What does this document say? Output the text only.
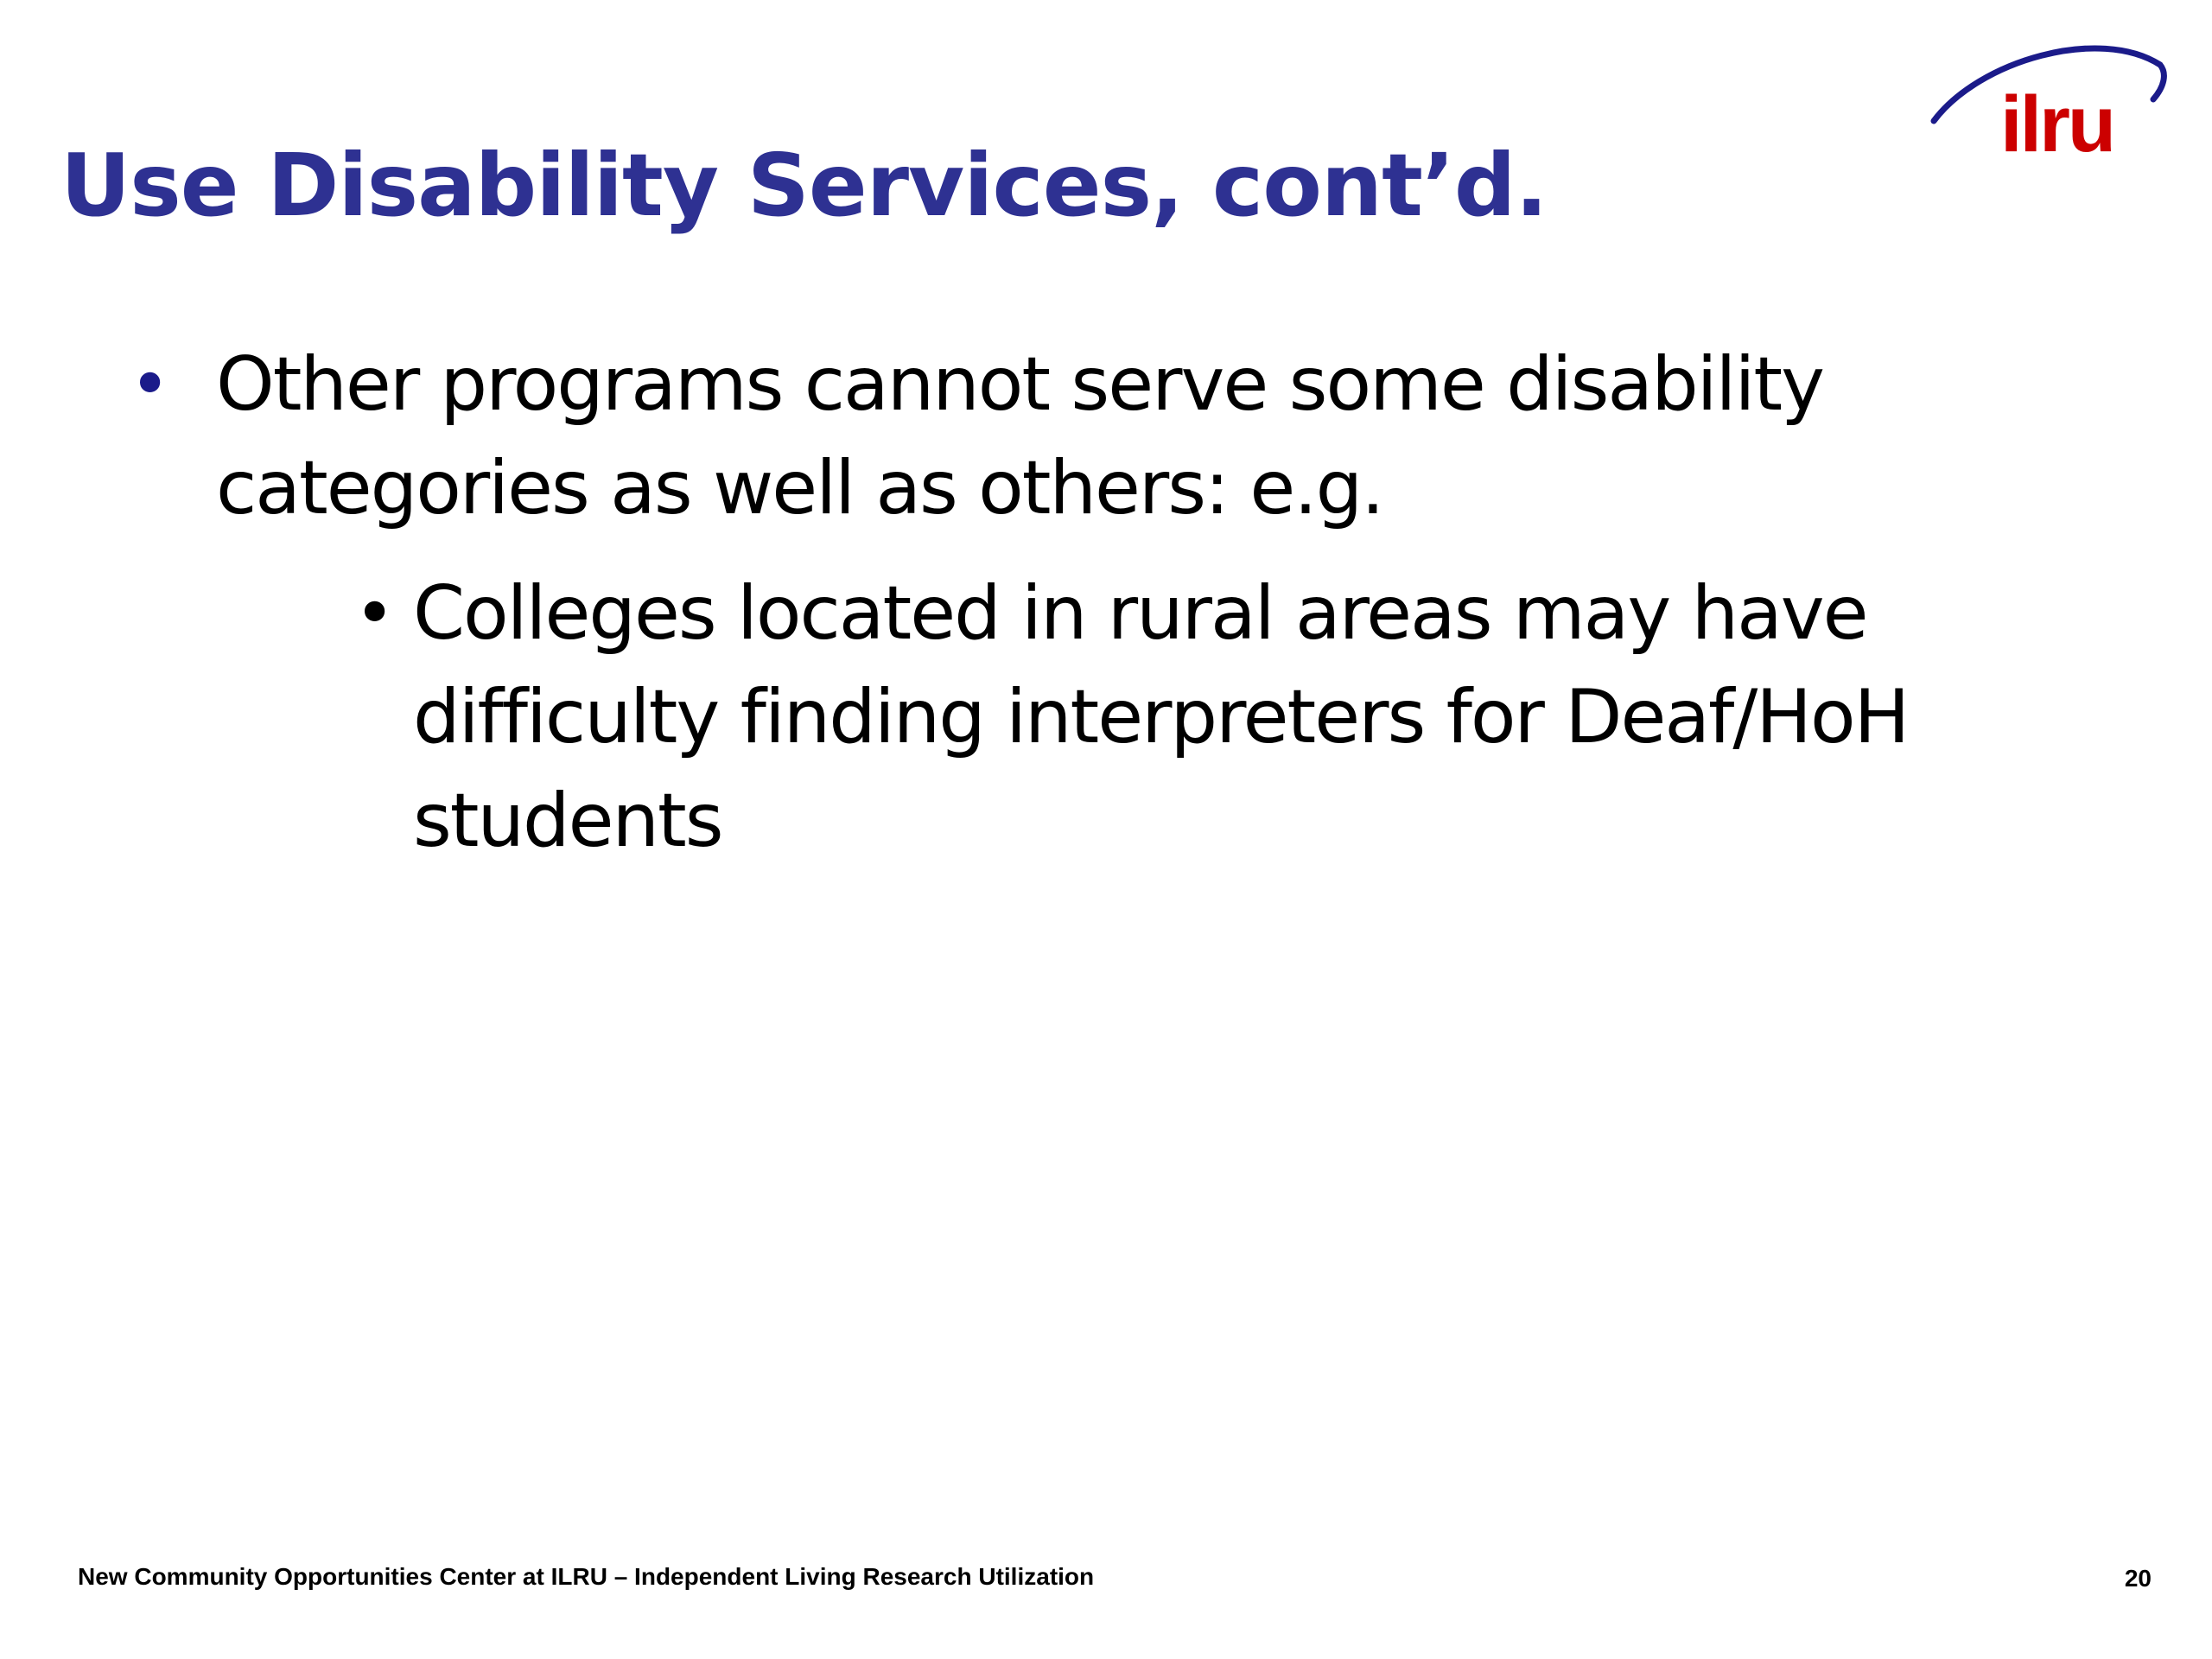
Use Disability Services, cont’d.
ilru
• Other programs cannot serve some disability categories as well as others: e.g.
• Colleges located in rural areas may have difficulty finding interpreters for Deaf/HoH students
New Community Opportunities Center at ILRU – Independent Living Research Utilization	20
